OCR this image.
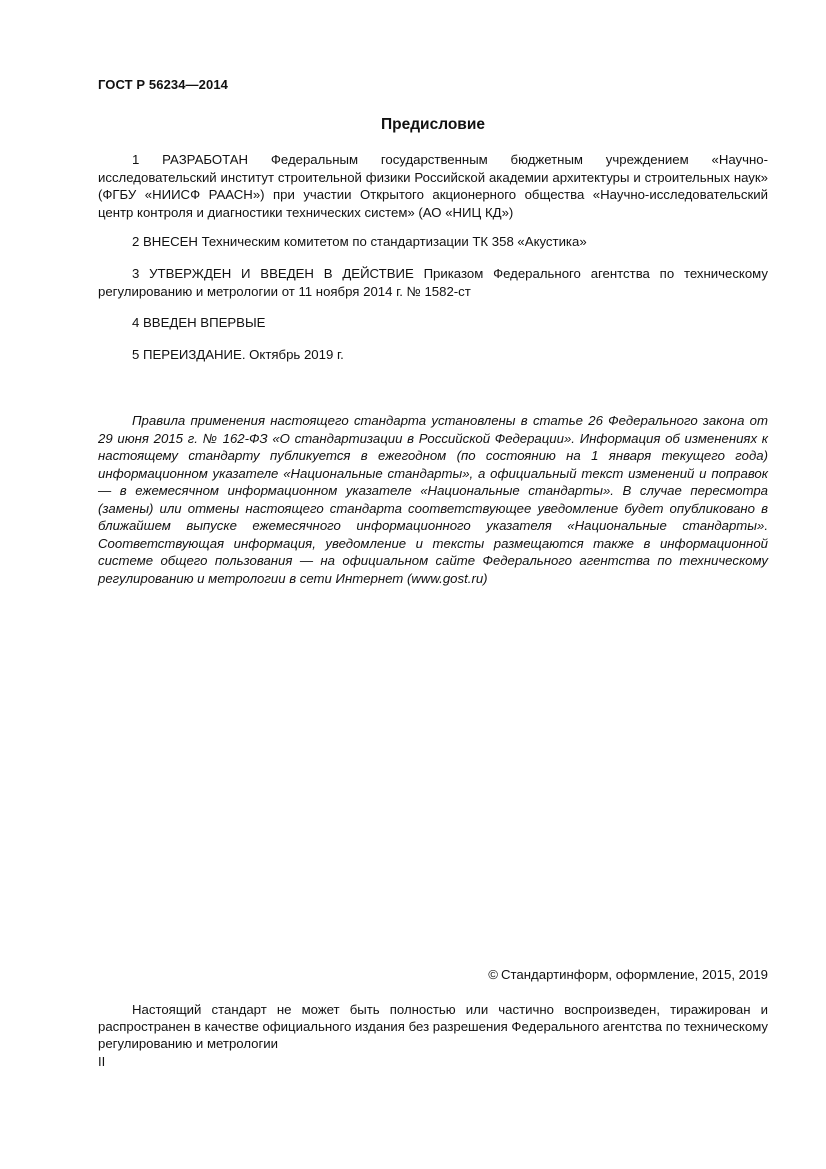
ГОСТ Р 56234—2014
Предисловие

1 РАЗРАБОТАН Федеральным государственным бюджетным учреждением «Научно-исследовательский институт строительной физики Российской академии архитектуры и строительных наук» (ФГБУ «НИИСФ РААСН») при участии Открытого акционерного общества «Научно-исследовательский центр контроля и диагностики технических систем» (АО «НИЦ КД»)

2 ВНЕСЕН Техническим комитетом по стандартизации ТК 358 «Акустика»

3 УТВЕРЖДЕН И ВВЕДЕН В ДЕЙСТВИЕ Приказом Федерального агентства по техническому регулированию и метрологии от 11 ноября 2014 г. № 1582-ст

4 ВВЕДЕН ВПЕРВЫЕ

5 ПЕРЕИЗДАНИЕ. Октябрь 2019 г.

Правила применения настоящего стандарта установлены в статье 26 Федерального закона от 29 июня 2015 г. № 162-ФЗ «О стандартизации в Российской Федерации». Информация об изменениях к настоящему стандарту публикуется в ежегодном (по состоянию на 1 января текущего года) информационном указателе «Национальные стандарты», а официальный текст изменений и поправок — в ежемесячном информационном указателе «Национальные стандарты». В случае пересмотра (замены) или отмены настоящего стандарта соответствующее уведомление будет опубликовано в ближайшем выпуске ежемесячного информационного указателя «Национальные стандарты». Соответствующая информация, уведомление и тексты размещаются также в информационной системе общего пользования — на официальном сайте Федерального агентства по техническому регулированию и метрологии в сети Интернет (www.gost.ru)

© Стандартинформ, оформление, 2015, 2019

Настоящий стандарт не может быть полностью или частично воспроизведен, тиражирован и распространен в качестве официального издания без разрешения Федерального агентства по техническому регулированию и метрологии

II
